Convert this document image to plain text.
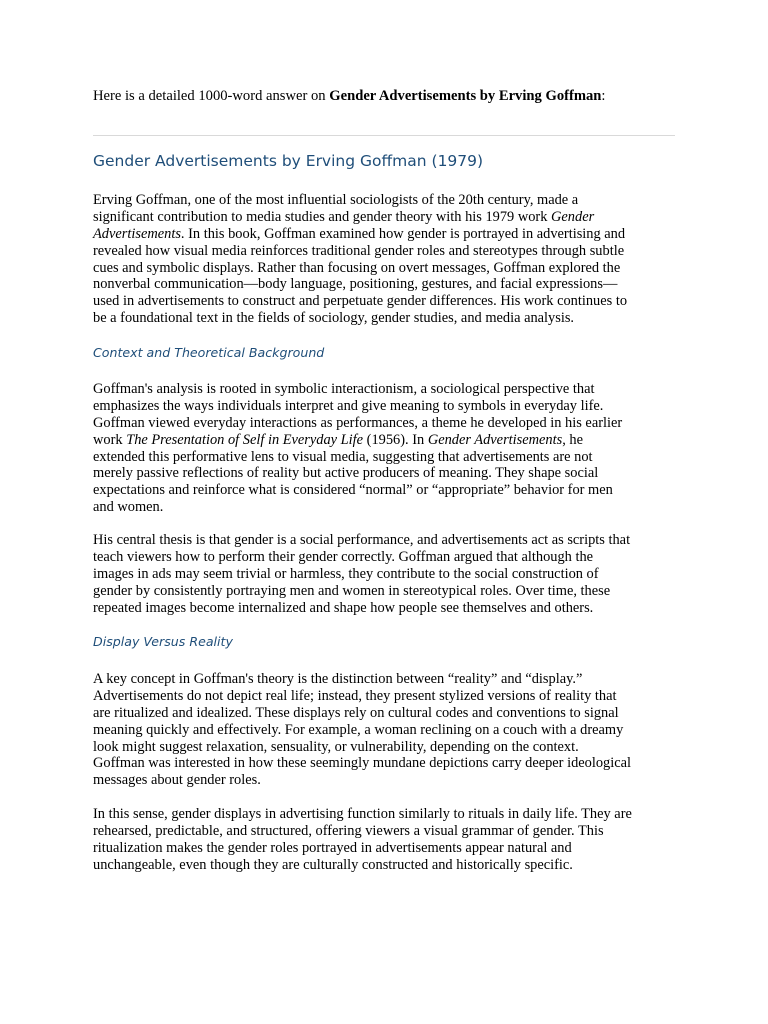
Here is a detailed 1000-word answer on Gender Advertisements by Erving Goffman:
Gender Advertisements by Erving Goffman (1979)
Erving Goffman, one of the most influential sociologists of the 20th century, made a
significant contribution to media studies and gender theory with his 1979 work Gender
Advertisements. In this book, Goffman examined how gender is portrayed in advertising and
revealed how visual media reinforces traditional gender roles and stereotypes through subtle
cues and symbolic displays. Rather than focusing on overt messages, Goffman explored the
nonverbal communication—body language, positioning, gestures, and facial expressions—
used in advertisements to construct and perpetuate gender differences. His work continues to
be a foundational text in the fields of sociology, gender studies, and media analysis.
Context and Theoretical Background
Goffman's analysis is rooted in symbolic interactionism, a sociological perspective that
emphasizes the ways individuals interpret and give meaning to symbols in everyday life.
Goffman viewed everyday interactions as performances, a theme he developed in his earlier
work The Presentation of Self in Everyday Life (1956). In Gender Advertisements, he
extended this performative lens to visual media, suggesting that advertisements are not
merely passive reflections of reality but active producers of meaning. They shape social
expectations and reinforce what is considered “normal” or “appropriate” behavior for men
and women.
His central thesis is that gender is a social performance, and advertisements act as scripts that
teach viewers how to perform their gender correctly. Goffman argued that although the
images in ads may seem trivial or harmless, they contribute to the social construction of
gender by consistently portraying men and women in stereotypical roles. Over time, these
repeated images become internalized and shape how people see themselves and others.
Display Versus Reality
A key concept in Goffman's theory is the distinction between “reality” and “display.”
Advertisements do not depict real life; instead, they present stylized versions of reality that
are ritualized and idealized. These displays rely on cultural codes and conventions to signal
meaning quickly and effectively. For example, a woman reclining on a couch with a dreamy
look might suggest relaxation, sensuality, or vulnerability, depending on the context.
Goffman was interested in how these seemingly mundane depictions carry deeper ideological
messages about gender roles.
In this sense, gender displays in advertising function similarly to rituals in daily life. They are
rehearsed, predictable, and structured, offering viewers a visual grammar of gender. This
ritualization makes the gender roles portrayed in advertisements appear natural and
unchangeable, even though they are culturally constructed and historically specific.
